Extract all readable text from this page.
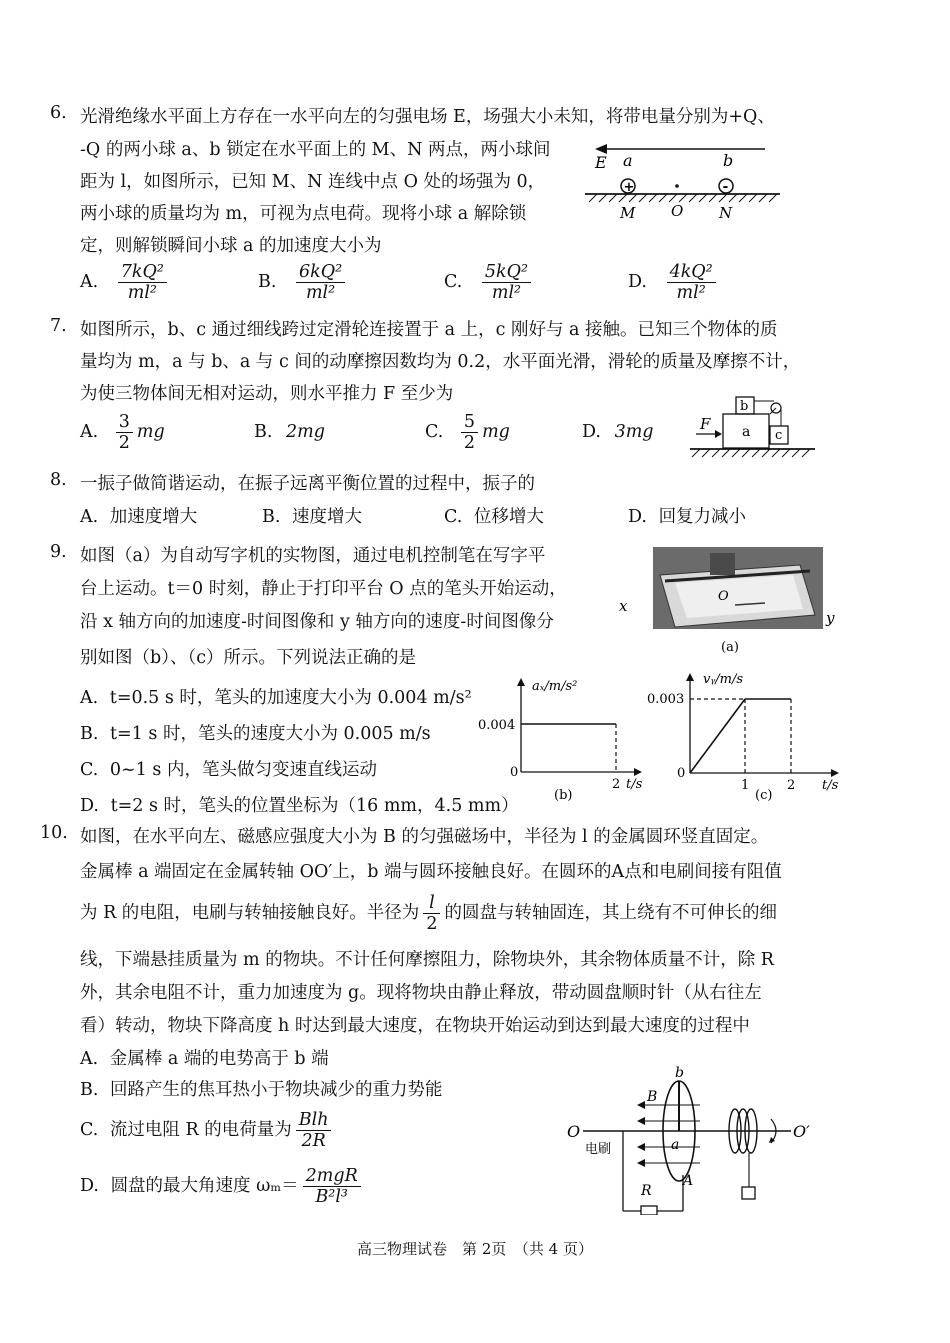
6. 光滑绝缘水平面上方存在一水平向左的匀强电场 E，场强大小未知，将带电量分别为+Q、
-Q 的两小球 a、b 锁定在水平面上的 M、N 两点，两小球间
距为 l，如图所示，已知 M、N 连线中点 O 处的场强为 0，
两小球的质量均为 m，可视为点电荷。现将小球 a 解除锁
定，则解锁瞬间小球 a 的加速度大小为
E a	b
+	-
M O N
A. $\frac{\text{7kQ²}}{\text{ml²}}$	B. $\frac{\text{6kQ²}}{\text{ml²}}$	C. $\frac{\text{5kQ²}}{\text{ml²}}$	D. $\frac{\text{4kQ²}}{\text{ml²}}$
7. 如图所示，b、c 通过细线跨过定滑轮连接置于 a 上，c 刚好与 a 接触。已知三个物体的质
量均为 m，a 与 b、a 与 c 间的动摩擦因数均为 0.2，水平面光滑，滑轮的质量及摩擦不计，
为使三物体间无相对运动，则水平推力 F 至少为
A. $\frac{3}{2}$ mg	B. 2mg	C. $\frac{5}{2}$ mg	D. 3mg	F a
b
c
8. 一振子做简谐运动，在振子远离平衡位置的过程中，振子的
A. 加速度增大	B. 速度增大	C. 位移增大	D. 回复力减小
9. 如图（a）为自动写字机的实物图，通过电机控制笔在写字平
台上运动。t＝0 时刻，静止于打印平台 O 点的笔头开始运动，
沿 x 轴方向的加速度-时间图像和 y 轴方向的速度-时间图像分
别如图（b）、（c）所示。下列说法正确的是
O
x
y
(a)
A. t=0.5 s 时，笔头的加速度大小为 0.004 m/s²
B. t=1 s 时，笔头的速度大小为 0.005 m/s
C. 0~1 s 内，笔头做匀变速直线运动
D. t=2 s 时，笔头的位置坐标为（16 mm，4.5 mm）
aₓ/m/s²
0.004
0
2 t/s
(b)
vᵧ/m/s
0.003
0
1	2 t/s
(c)
10. 如图，在水平向左、磁感应强度大小为 B 的匀强磁场中，半径为 l 的金属圆环竖直固定。
金属棒 a 端固定在金属转轴 OO′上，b 端与圆环接触良好。在圆环的A点和电刷间接有阻值
为 R 的电阻，电刷与转轴接触良好。半径为 $\frac{l}{2}$ 的圆盘与转轴固连，其上绕有不可伸长的细
线，下端悬挂质量为 m 的物块。不计任何摩擦阻力，除物块外，其余物体质量不计，除 R
外，其余电阻不计，重力加速度为 g。现将物块由静止释放，带动圆盘顺时针（从右往左
看）转动，物块下降高度 h 时达到最大速度，在物块开始运动到达到最大速度的过程中
A. 金属棒 a 端的电势高于 b 端
B. 回路产生的焦耳热小于物块减少的重力势能
C. 流过电阻 R 的电荷量为 $\frac{\text{Blh}}{2R}$
D. 圆盘的最大角速度 $\omega_m= \frac{\text{2mgR}}{\text{B²l³}}$
O	O′
B
b
a
A
电刷
R
高三物理试卷　第 2页　（共 4 页）
